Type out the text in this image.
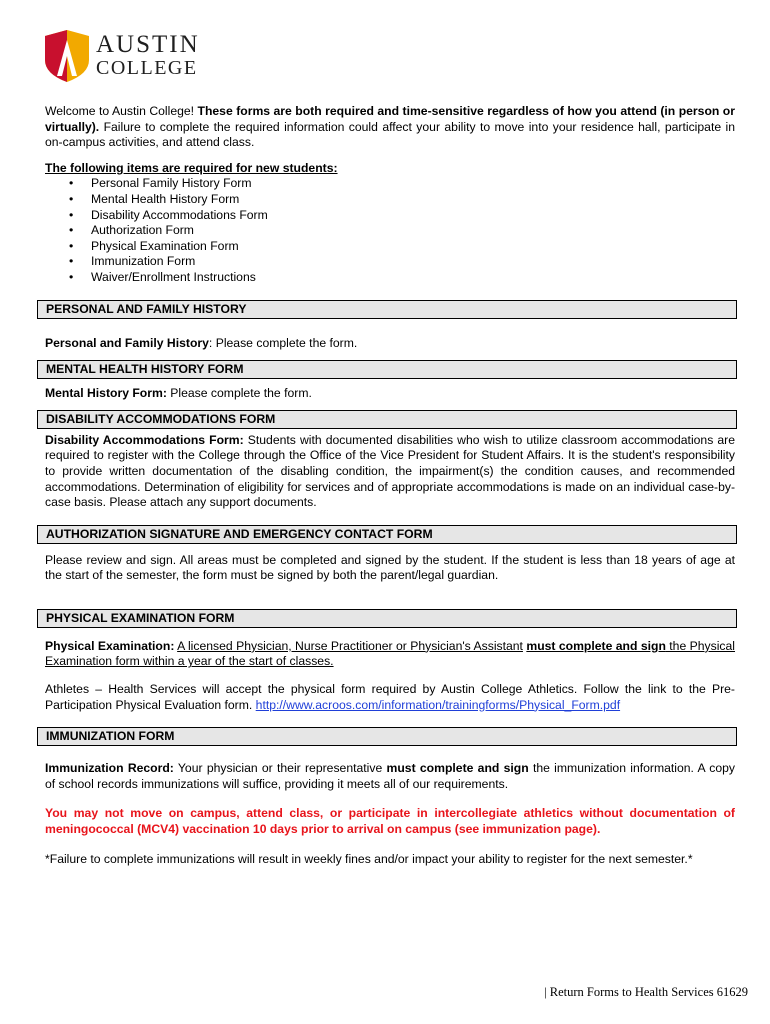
AUSTIN
COLLEGE

Welcome to Austin College! These forms are both required and time-sensitive regardless of how you attend (in person or virtually). Failure to complete the required information could affect your ability to move into your residence hall, participate in on-campus activities, and attend class.

The following items are required for new students:

• Personal Family History Form
• Mental Health History Form
• Disability Accommodations Form
• Authorization Form
• Physical Examination Form
• Immunization Form
• Waiver/Enrollment Instructions
PERSONAL AND FAMILY HISTORY

Personal and Family History: Please complete the form.

MENTAL HEALTH HISTORY FORM

Mental History Form: Please complete the form.

DISABILITY ACCOMMODATIONS FORM

Disability Accommodations Form: Students with documented disabilities who wish to utilize classroom accommodations are required to register with the College through the Office of the Vice President for Student Affairs. It is the student's responsibility to provide written documentation of the disabling condition, the impairment(s) the condition causes, and recommended accommodations. Determination of eligibility for services and of appropriate accommodations is made on an individual case-by-case basis. Please attach any support documents.

AUTHORIZATION SIGNATURE AND EMERGENCY CONTACT FORM

Please review and sign. All areas must be completed and signed by the student. If the student is less than 18 years of age at the start of the semester, the form must be signed by both the parent/legal guardian.

PHYSICAL EXAMINATION FORM

Physical Examination: A licensed Physician, Nurse Practitioner or Physician's Assistant must complete and sign the Physical Examination form within a year of the start of classes.

Athletes – Health Services will accept the physical form required by Austin College Athletics. Follow the link to the Pre-Participation Physical Evaluation form. http://www.acroos.com/information/trainingforms/Physical_Form.pdf

IMMUNIZATION FORM

Immunization Record: Your physician or their representative must complete and sign the immunization information. A copy of school records immunizations will suffice, providing it meets all of our requirements.

You may not move on campus, attend class, or participate in intercollegiate athletics without documentation of meningococcal (MCV4) vaccination 10 days prior to arrival on campus (see immunization page).

*Failure to complete immunizations will result in weekly fines and/or impact your ability to register for the next semester.*

| Return Forms to Health Services 61629
